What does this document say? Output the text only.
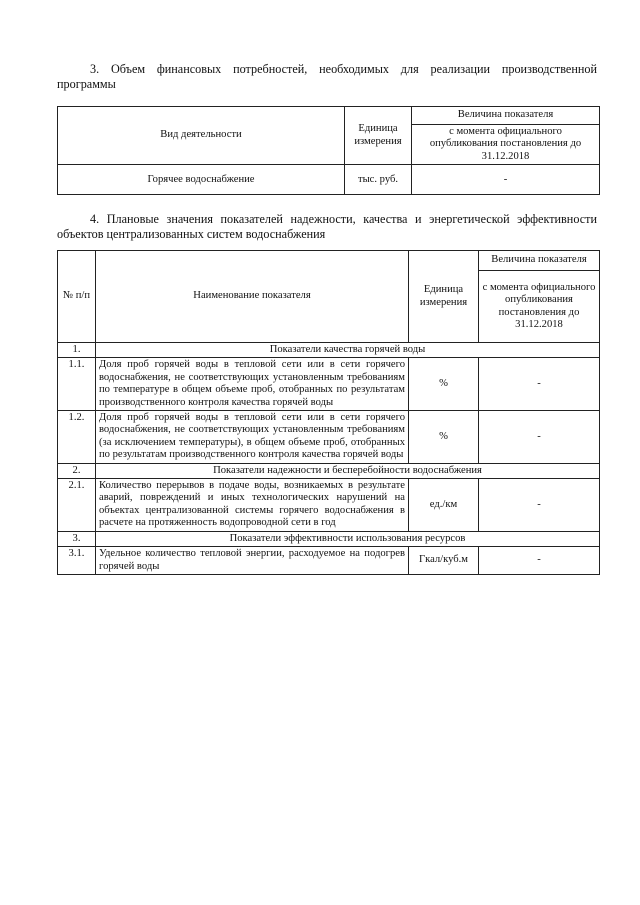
3. Объем финансовых потребностей, необходимых для реализации производственной программы
Вид деятельности	Единица измерения	Величина показателя
		с момента официального опубликования постановления до 31.12.2018
Горячее водоснабжение	тыс. руб.	-
4. Плановые значения показателей надежности, качества и энергетической эффективности объектов централизованных систем водоснабжения
№ п/п	Наименование показателя	Единица измерения	Величина показателя
			с момента официального опубликования постановления до 31.12.2018
1.	Показатели качества горячей воды		
1.1.	Доля проб горячей воды в тепловой сети или в сети горячего водоснабжения, не соответствующих установленным требованиям по температуре в общем объеме проб, отобранных по результатам производственного контроля качества горячей воды	%	-
1.2.	Доля проб горячей воды в тепловой сети или в сети горячего водоснабжения, не соответствующих установленным требованиям (за исключением температуры), в общем объеме проб, отобранных по результатам производственного контроля качества горячей воды	%	-
2.	Показатели надежности и бесперебойности водоснабжения		
2.1.	Количество перерывов в подаче воды, возникаемых в результате аварий, повреждений и иных технологических нарушений на объектах централизованной системы горячего водоснабжения в расчете на протяженность водопроводной сети в год	ед./км	-
3.	Показатели эффективности использования ресурсов		
3.1.	Удельное количество тепловой энергии, расходуемое на подогрев горячей воды	Гкал/куб.м	-
